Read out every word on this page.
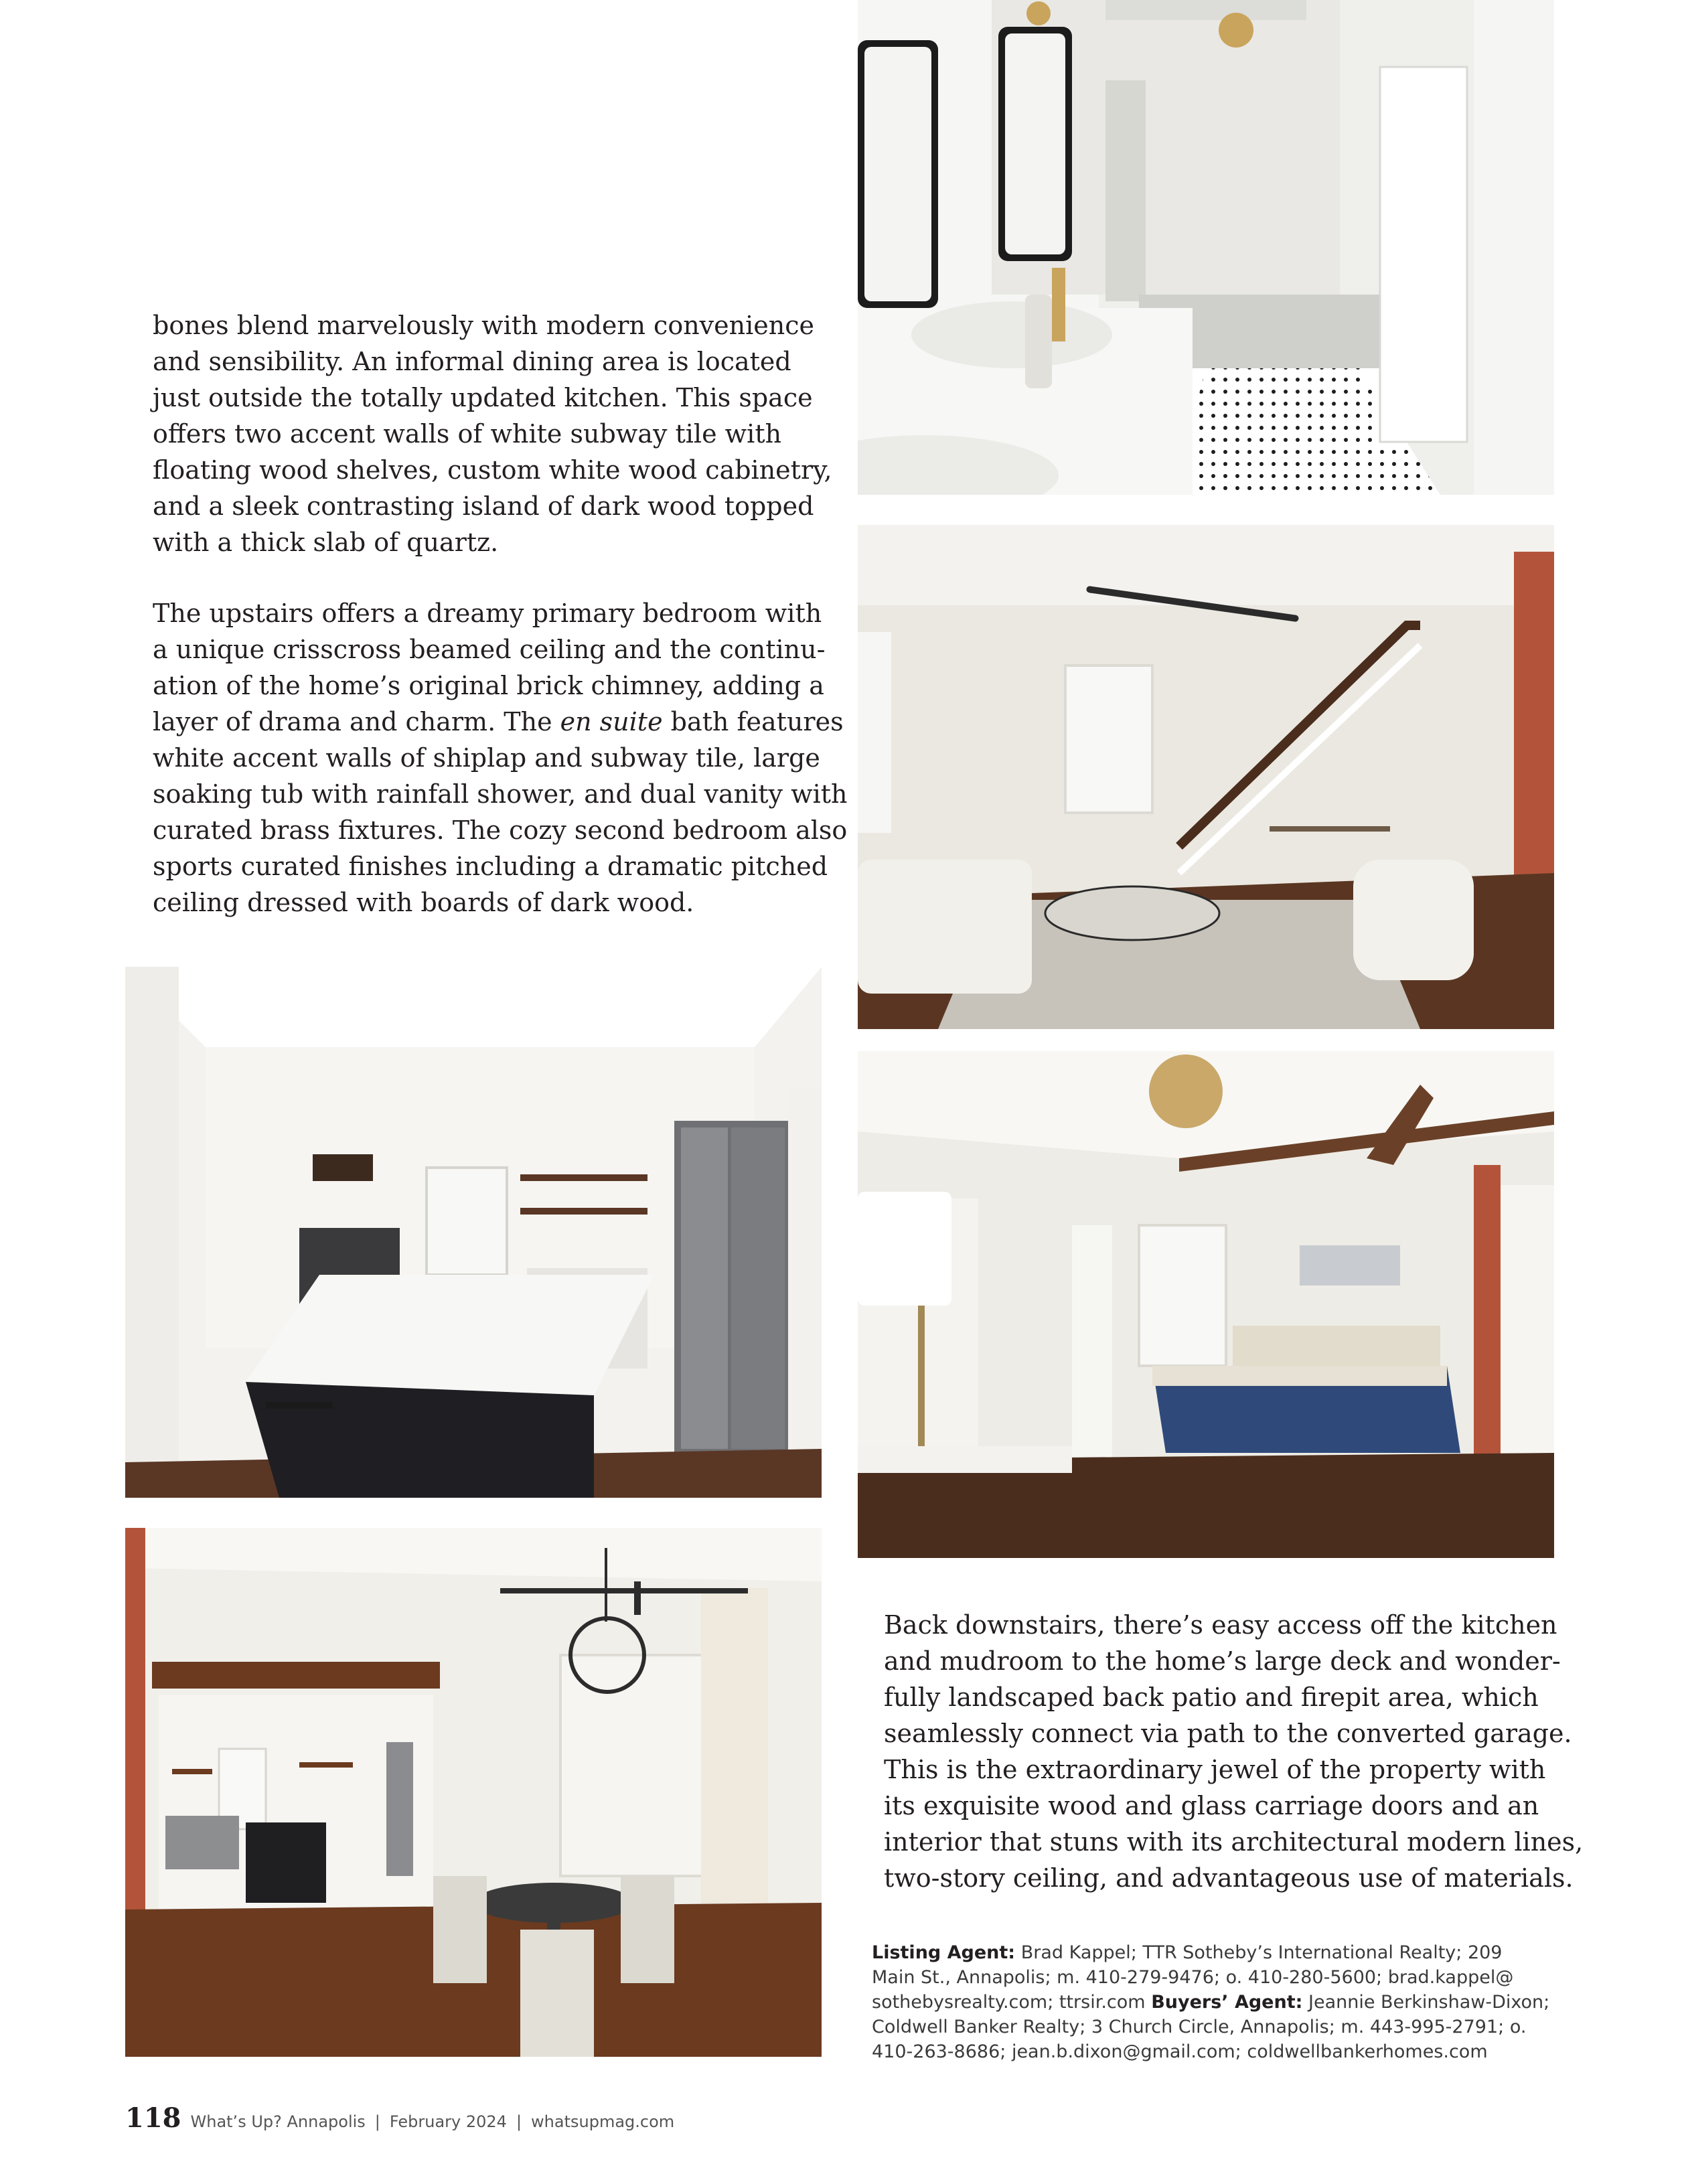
bones blend marvelously with modern convenience

and sensibility. An informal dining area is located

just outside the totally updated kitchen. This space

offers two accent walls of white subway tile with

floating wood shelves, custom white wood cabinetry,

and a sleek contrasting island of dark wood topped

with a thick slab of quartz.

The upstairs offers a dreamy primary bedroom with

a unique crisscross beamed ceiling and the continu-

ation of the home’s original brick chimney, adding a

layer of drama and charm. The en suite bath features

white accent walls of shiplap and subway tile, large

soaking tub with rainfall shower, and dual vanity with

curated brass fixtures. The cozy second bedroom also

sports curated finishes including a dramatic pitched

ceiling dressed with boards of dark wood.

Back downstairs, there’s easy access off the kitchen

and mudroom to the home’s large deck and wonder-

fully landscaped back patio and firepit area, which

seamlessly connect via path to the converted garage.

This is the extraordinary jewel of the property with

its exquisite wood and glass carriage doors and an

interior that stuns with its architectural modern lines,

two-story ceiling, and advantageous use of materials.

Listing Agent: Brad Kappel; TTR Sotheby’s International Realty; 209

Main St., Annapolis; m. 410-279-9476; o. 410-280-5600; brad.kappel@

sothebysrealty.com; ttrsir.com Buyers’ Agent: Jeannie Berkinshaw-Dixon;

Coldwell Banker Realty; 3 Church Circle, Annapolis; m. 443-995-2791; o.

410-263-8686; jean.b.dixon@gmail.com; coldwellbankerhomes.com

118 What’s Up? Annapolis | February 2024 | whatsupmag.com
